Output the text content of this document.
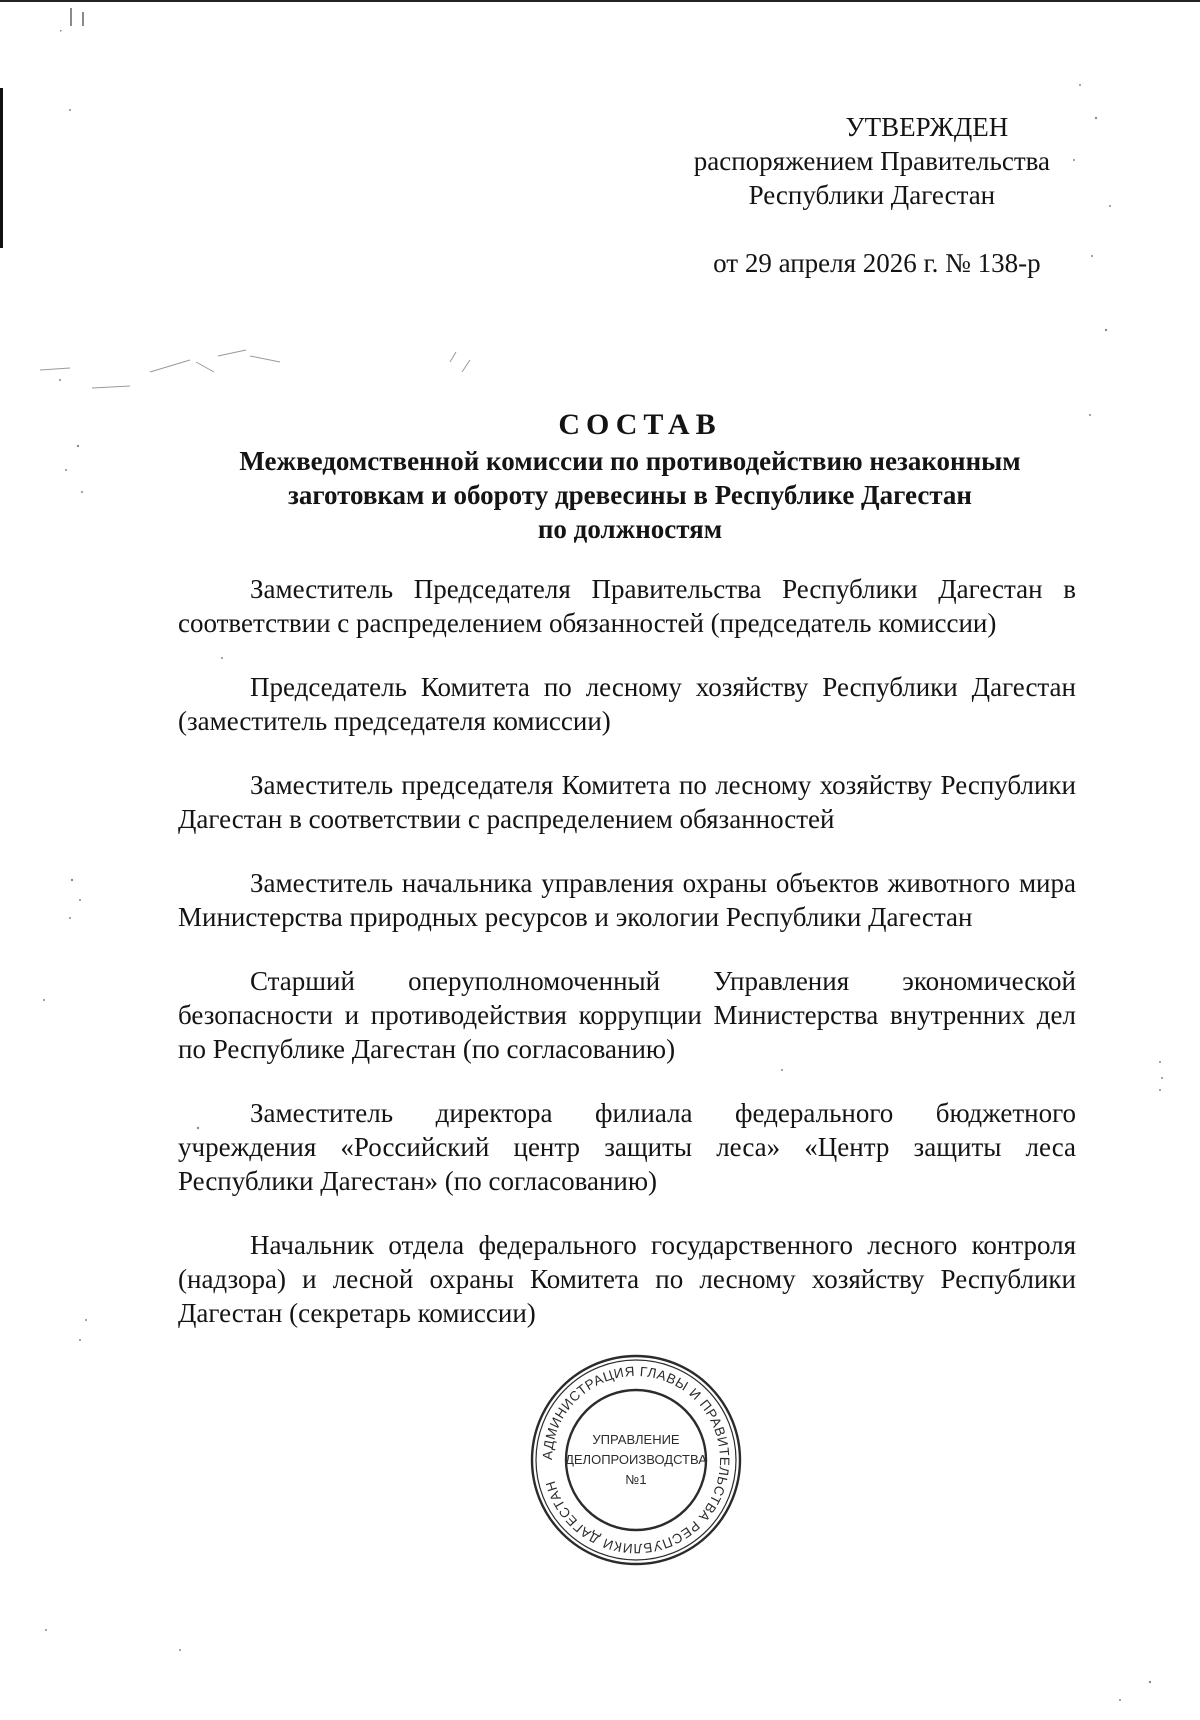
УТВЕРЖДЕН
распоряжением Правительства
Республики Дагестан
от 29 апреля 2026 г. № 138-р
СОСТАВ
Межведомственной комиссии по противодействию незаконным
заготовкам и обороту древесины в Республике Дагестан
по должностям

Заместитель Председателя Правительства Республики Дагестан в соответствии с распределением обязанностей (председатель комиссии)

Председатель Комитета по лесному хозяйству Республики Дагестан (заместитель председателя комиссии)

Заместитель председателя Комитета по лесному хозяйству Республики Дагестан в соответствии с распределением обязанностей

Заместитель начальника управления охраны объектов животного мира Министерства природных ресурсов и экологии Республики Дагестан

Старший оперуполномоченный Управления экономической безопасности и противодействия коррупции Министерства внутренних дел по Республике Дагестан (по согласованию)

Заместитель директора филиала федерального бюджетного учреждения «Российский центр защиты леса» «Центр защиты леса Республики Дагестан» (по согласованию)

Начальник отдела федерального государственного лесного контроля (надзора) и лесной охраны Комитета по лесному хозяйству Республики Дагестан (секретарь комиссии)

АДМИНИСТРАЦИЯ ГЛАВЫ И ПРАВИТЕЛЬСТВА РЕСПУБЛИКИ ДАГЕСТАН
УПРАВЛЕНИЕ
ДЕЛОПРОИЗВОДСТВА
№1
